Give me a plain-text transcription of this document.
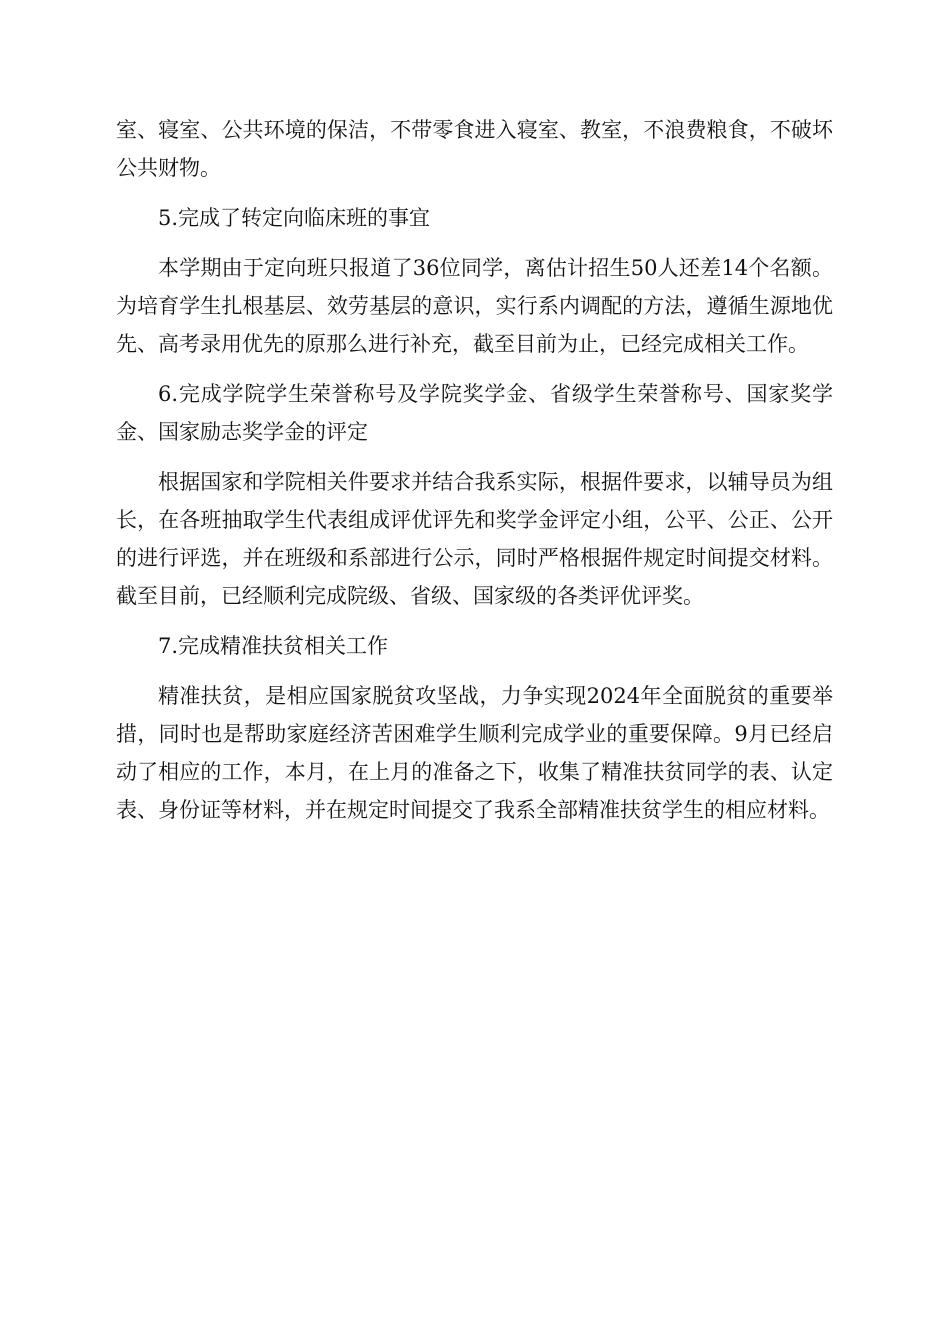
室、寝室、公共环境的保洁，不带零食进入寝室、教室，不浪费粮食，不破坏公共财物。

5.完成了转定向临床班的事宜

本学期由于定向班只报道了36位同学，离估计招生50人还差14个名额。为培育学生扎根基层、效劳基层的意识，实行系内调配的方法，遵循生源地优先、高考录用优先的原那么进行补充，截至目前为止，已经完成相关工作。

6.完成学院学生荣誉称号及学院奖学金、省级学生荣誉称号、国家奖学金、国家励志奖学金的评定

根据国家和学院相关件要求并结合我系实际，根据件要求，以辅导员为组长，在各班抽取学生代表组成评优评先和奖学金评定小组，公平、公正、公开的进行评选，并在班级和系部进行公示，同时严格根据件规定时间提交材料。截至目前，已经顺利完成院级、省级、国家级的各类评优评奖。

7.完成精准扶贫相关工作

精准扶贫，是相应国家脱贫攻坚战，力争实现2024年全面脱贫的重要举措，同时也是帮助家庭经济苦困难学生顺利完成学业的重要保障。9月已经启动了相应的工作，本月，在上月的准备之下，收集了精准扶贫同学的表、认定表、身份证等材料，并在规定时间提交了我系全部精准扶贫学生的相应材料。
